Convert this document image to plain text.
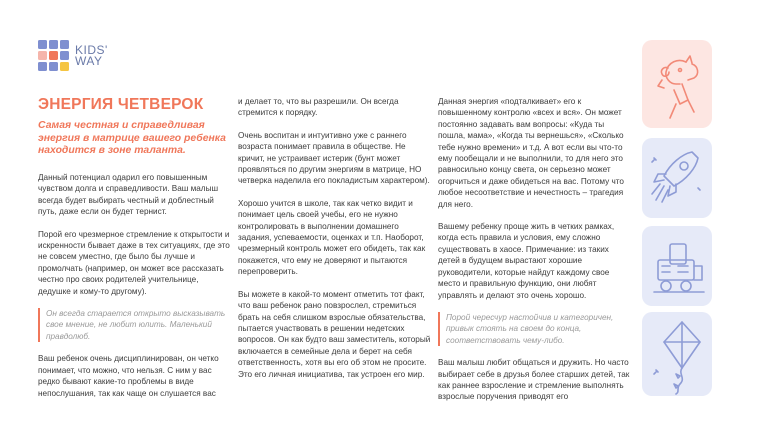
KIDS'
WAY
ЭНЕРГИЯ ЧЕТВЕРОК

Самая честная и справедливая энергия в матрице вашего ребенка находится в зоне таланта.

Данный потенциал одарил его повышенным чувством долга и справедливости. Ваш малыш всегда будет выбирать честный и доблестный путь, даже если он будет тернист.

Порой его чрезмерное стремление к открытости и искренности бывает даже в тех ситуациях, где это не совсем уместно, где было бы лучше и промолчать (например, он может все рассказать честно про своих родителей учительнице, дедушке и кому-то другому).

Он всегда старается открыто высказывать свое мнение, не любит юлить. Маленький правдолюб.

Ваш ребенок очень дисциплинирован, он четко понимает, что можно, что нельзя. С ним у вас редко бывают какие-то проблемы в виде непослушания, так как чаще он слушается вас

и делает то, что вы разрешили. Он всегда стремится к порядку.

Очень воспитан и интуитивно уже с раннего возраста понимает правила в обществе. Не кричит, не устраивает истерик (бунт может проявляться по другим энергиям в матрице, НО четверка наделила его покладистым характером).

Хорошо учится в школе, так как четко видит и понимает цель своей учебы, его не нужно контролировать в выполнении домашнего задания, успеваемости, оценках и т.п. Наоборот, чрезмерный контроль может его обидеть, так как покажется, что ему не доверяют и пытаются перепроверить.

Вы можете в какой-то момент отметить тот факт, что ваш ребенок рано повзрослел, стремиться брать на себя слишком взрослые обязательства, пытается участвовать в решении недетских вопросов. Он как будто ваш заместитель, который включается в семейные дела и берет на себя ответственность, хотя вы его об этом не просите. Это его личная инициатива, так устроен его мир.

Данная энергия «подталкивает» его к повышенному контролю «всех и вся». Он может постоянно задавать вам вопросы: «Куда ты пошла, мама», «Когда ты вернешься», «Сколько тебе нужно времени» и т.д. А вот если вы что-то ему пообещали и не выполнили, то для него это равносильно концу света, он серьезно может огорчиться и даже обидеться на вас. Потому что любое несоответствие и нечестность – трагедия для него.

Вашему ребенку проще жить в четких рамках, когда есть правила и условия, ему сложно существовать в хаосе. Примечание: из таких детей в будущем вырастают хорошие руководители, которые найдут каждому свое место и правильную функцию, они любят управлять и делают это очень хорошо.

Порой чересчур настойчив и категоричен, привык стоять на своем до конца, соответствовать чему-либо.

Ваш малыш любит общаться и дружить. Но часто выбирает себе в друзья более старших детей, так как раннее взросление и стремление выполнять взрослые поручения приводят его
